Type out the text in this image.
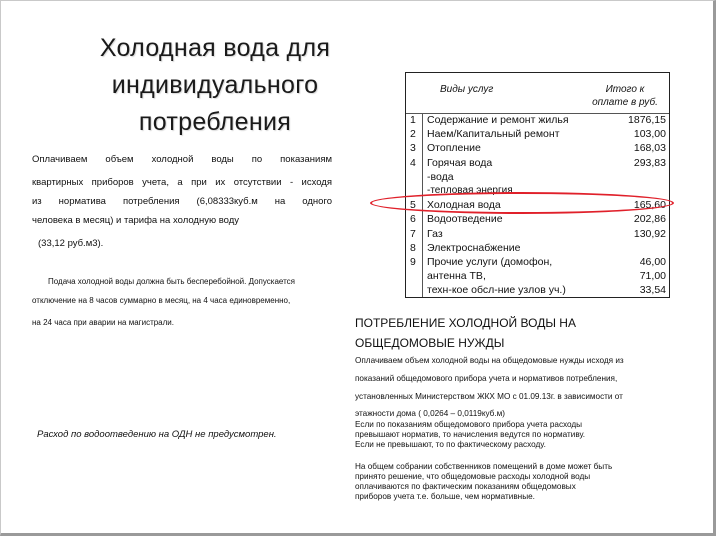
Холодная вода для
индивидуального
потребления
Оплачиваем объем холодной воды по показаниям
квартирных приборов учета, а при их отсутствии - исходя
из норматива потребления (6,08333куб.м на одного
человека в месяц) и тарифа на холодную воду
(33,12 руб.м3).
Подача холодной воды должна быть бесперебойной. Допускается
отключение на 8 часов суммарно в месяц, на 4 часа единовременно,
на 24 часа при аварии на магистрали.
Виды услуг	Итого к
оплате в руб.
1 Содержание и ремонт жилья	1876,15
2 Наем/Капитальный ремонт	103,00
3 Отопление	168,03
4 Горячая вода	293,83
-вода
-тепловая энергия
5 Холодная вода	165,60
6 Водоотведение	202,86
7 Газ	130,92
8 Электроснабжение
9 Прочие услуги (домофон,	46,00
антенна ТВ,	71,00
техн-кое обсл-ние узлов уч.)	33,54
ПОТРЕБЛЕНИЕ ХОЛОДНОЙ ВОДЫ НА
ОБЩЕДОМОВЫЕ НУЖДЫ
Оплачиваем объем холодной воды на общедомовые нужды исходя из
показаний общедомового прибора учета и нормативов потребления,
установленных Министерством ЖКХ МО с 01.09.13г. в зависимости от
этажности дома ( 0,0264 – 0,0119куб.м)
Если по показаниям общедомового прибора учета расходы
превышают норматив, то начисления ведутся по нормативу.
Если не превышают, то по фактическому расходу.
На общем собрании собственников помещений в доме может быть
принято решение, что общедомовые расходы холодной воды
оплачиваются по фактическим показаниям общедомовых
приборов учета т.е. больше, чем нормативные.
Расход по водоотведению на ОДН не предусмотрен.
